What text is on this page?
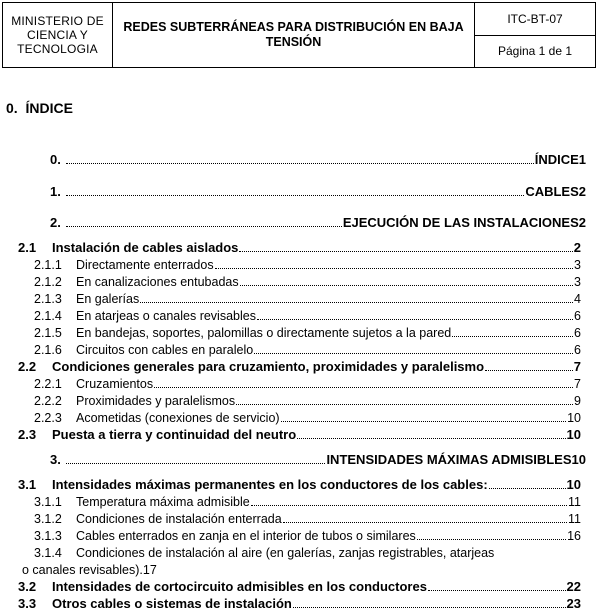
MINISTERIO DE CIENCIA Y TECNOLOGIA
REDES SUBTERRÁNEAS PARA DISTRIBUCIÓN EN BAJA TENSIÓN
ITC-BT-07
Página 1 de 1
0. ÍNDICE
0.	ÍNDICE 1
1.	CABLES 2
2.	EJECUCIÓN DE LAS INSTALACIONES 2
2.1	Instalación de cables aislados	2
2.1.1	Directamente enterrados	3
2.1.2	En canalizaciones entubadas	3
2.1.3	En galerías	4
2.1.4	En atarjeas o canales revisables	6
2.1.5	En bandejas, soportes, palomillas o directamente sujetos a la pared	6
2.1.6	Circuitos con cables en paralelo	6
2.2	Condiciones generales para cruzamiento, proximidades y paralelismo	7
2.2.1	Cruzamientos	7
2.2.2	Proximidades y paralelismos	9
2.2.3	Acometidas (conexiones de servicio)	10
2.3	Puesta a tierra y continuidad del neutro	10
3.	INTENSIDADES MÁXIMAS ADMISIBLES 10
3.1	Intensidades máximas permanentes en los conductores de los cables:	10
3.1.1	Temperatura máxima admisible	11
3.1.2	Condiciones de instalación enterrada	11
3.1.3	Cables enterrados en zanja en el interior de tubos o similares	16
3.1.4	Condiciones de instalación al aire (en galerías, zanjas registrables, atarjeas
o canales revisables). 17
3.2	Intensidades de cortocircuito admisibles en los conductores	22
3.3	Otros cables o sistemas de instalación	23
